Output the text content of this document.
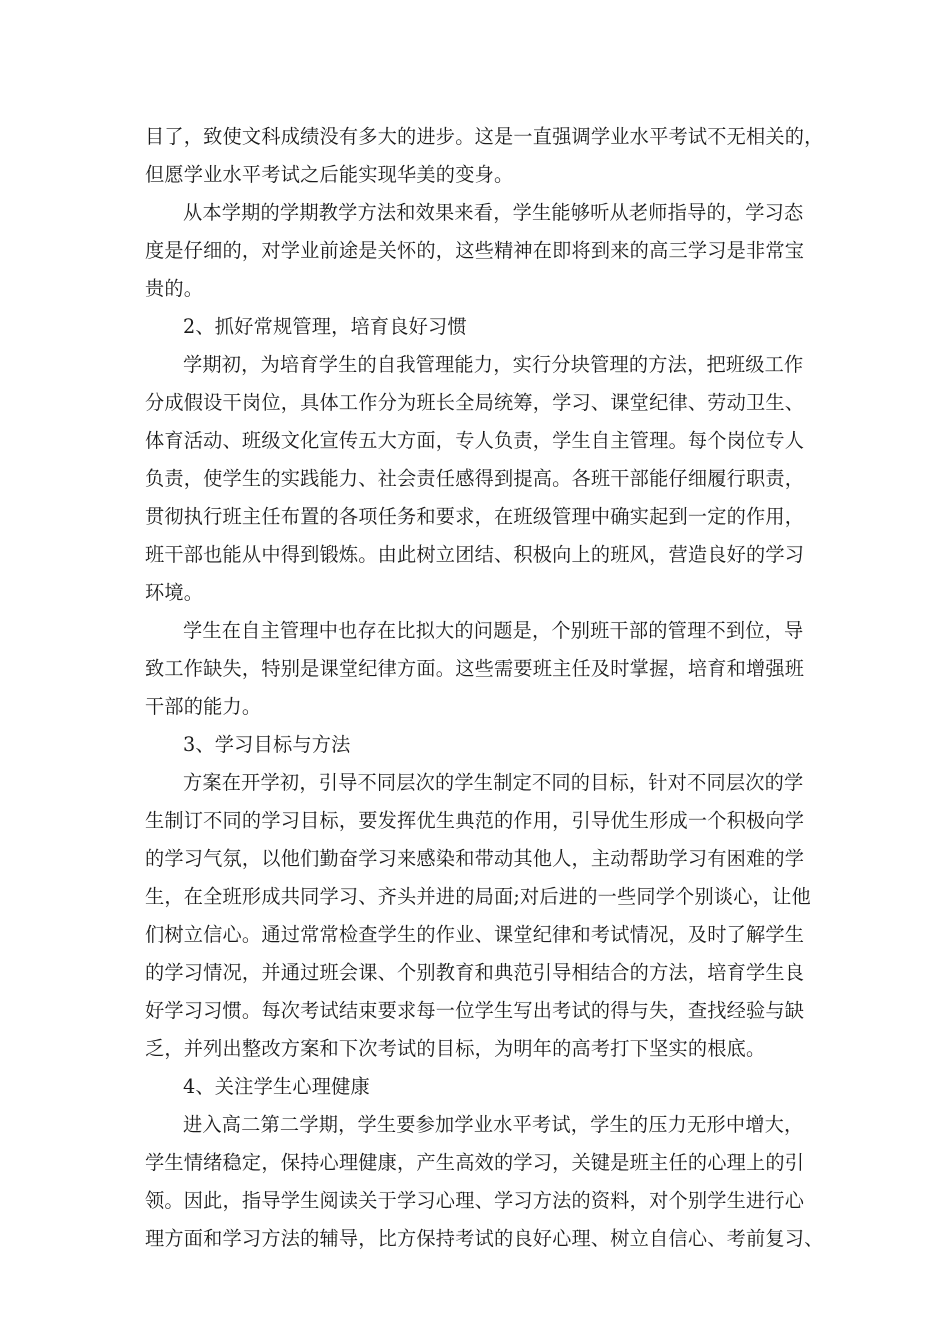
目了，致使文科成绩没有多大的进步。这是一直强调学业水平考试不无相关的，
但愿学业水平考试之后能实现华美的变身。
从本学期的学期教学方法和效果来看，学生能够听从老师指导的，学习态
度是仔细的，对学业前途是关怀的，这些精神在即将到来的高三学习是非常宝
贵的。
2、抓好常规管理，培育良好习惯
学期初，为培育学生的自我管理能力，实行分块管理的方法，把班级工作
分成假设干岗位，具体工作分为班长全局统筹，学习、课堂纪律、劳动卫生、
体育活动、班级文化宣传五大方面，专人负责，学生自主管理。每个岗位专人
负责，使学生的实践能力、社会责任感得到提高。各班干部能仔细履行职责，
贯彻执行班主任布置的各项任务和要求，在班级管理中确实起到一定的作用，
班干部也能从中得到锻炼。由此树立团结、积极向上的班风，营造良好的学习
环境。
学生在自主管理中也存在比拟大的问题是，个别班干部的管理不到位，导
致工作缺失，特别是课堂纪律方面。这些需要班主任及时掌握，培育和增强班
干部的能力。
3、学习目标与方法
方案在开学初，引导不同层次的学生制定不同的目标，针对不同层次的学
生制订不同的学习目标，要发挥优生典范的作用，引导优生形成一个积极向学
的学习气氛，以他们勤奋学习来感染和带动其他人，主动帮助学习有困难的学
生，在全班形成共同学习、齐头并进的局面;对后进的一些同学个别谈心，让他
们树立信心。通过常常检查学生的作业、课堂纪律和考试情况，及时了解学生
的学习情况，并通过班会课、个别教育和典范引导相结合的方法，培育学生良
好学习习惯。每次考试结束要求每一位学生写出考试的得与失，查找经验与缺
乏，并列出整改方案和下次考试的目标，为明年的高考打下坚实的根底。
4、关注学生心理健康
进入高二第二学期，学生要参加学业水平考试，学生的压力无形中增大，
学生情绪稳定，保持心理健康，产生高效的学习，关键是班主任的心理上的引
领。因此，指导学生阅读关于学习心理、学习方法的资料，对个别学生进行心
理方面和学习方法的辅导，比方保持考试的良好心理、树立自信心、考前复习、
